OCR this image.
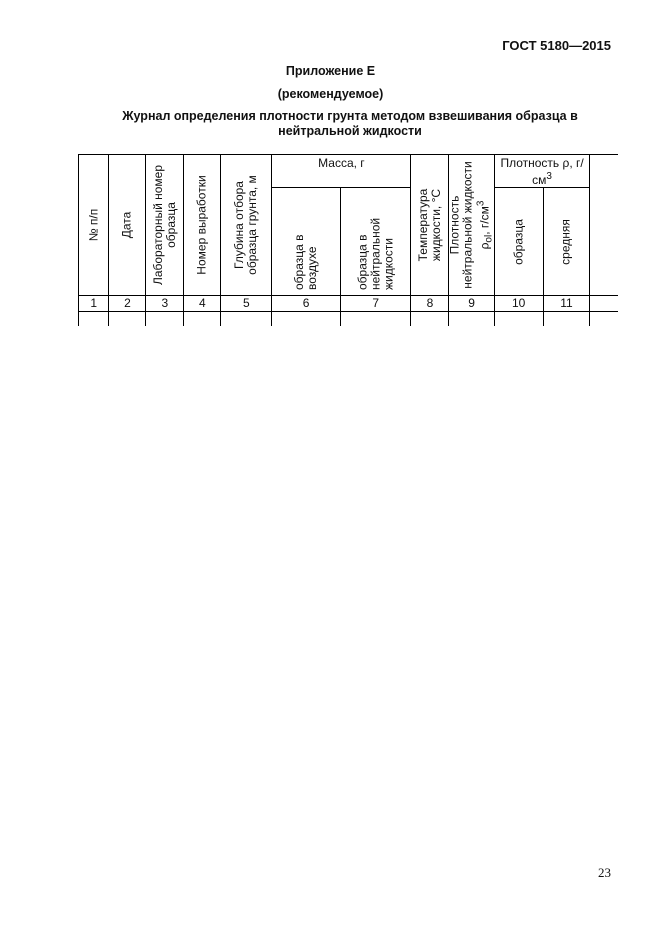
ГОСТ 5180—2015
Приложение Е
(рекомендуемое)
Журнал определения плотности грунта методом взвешивания образца в
нейтральной жидкости
№ п/п	Дата	Лабораторный номер образца	Номер выработки	Глубина отбора образца грунта, м	Масса, г		Температура жидкости, °С	Плотность нейтральной жидкости $\rho_{ol}$, $г/см^3$	Плотность ρ, $г/см^3$	

					образца в воздухе	образца в нейтральной жидкости			образца	средняя	

1	2	3	4	5	6	7	8	9	10	11	

23
